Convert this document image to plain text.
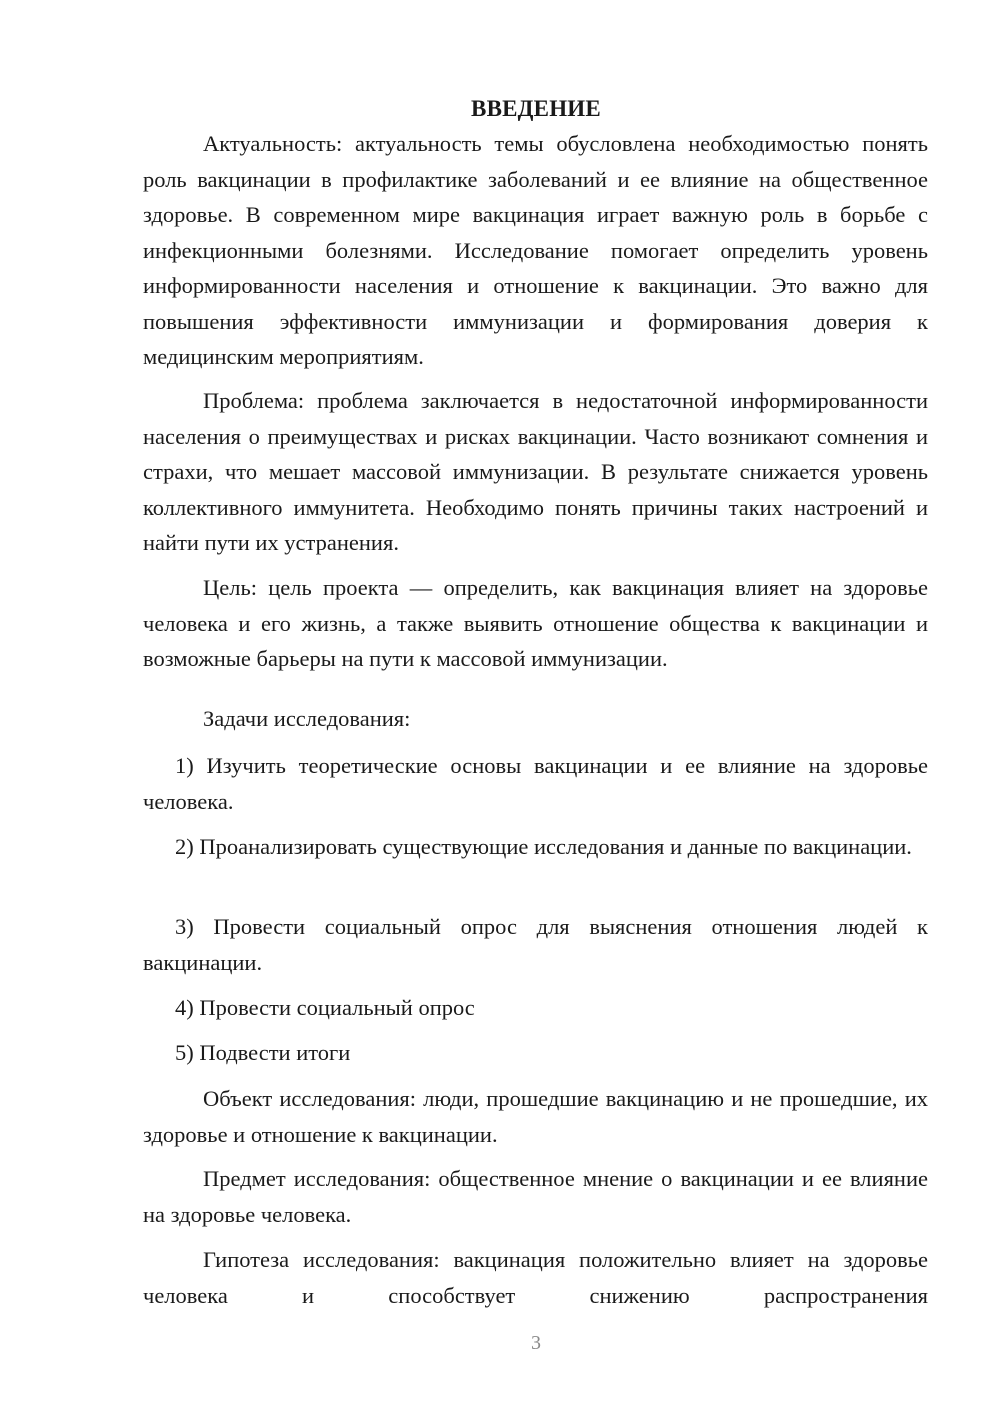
ВВЕДЕНИЕ

Актуальность: актуальность темы обусловлена необходимостью понять роль вакцинации в профилактике заболеваний и ее влияние на общественное здоровье. В современном мире вакцинация играет важную роль в борьбе с инфекционными болезнями. Исследование помогает определить уровень информированности населения и отношение к вакцинации. Это важно для повышения эффективности иммунизации и формирования доверия к медицинским мероприятиям.

Проблема: проблема заключается в недостаточной информированности населения о преимуществах и рисках вакцинации. Часто возникают сомнения и страхи, что мешает массовой иммунизации. В результате снижается уровень коллективного иммунитета. Необходимо понять причины таких настроений и найти пути их устранения.

Цель: цель проекта — определить, как вакцинация влияет на здоровье человека и его жизнь, а также выявить отношение общества к вакцинации и возможные барьеры на пути к массовой иммунизации.

Задачи исследования:

1) Изучить теоретические основы вакцинации и ее влияние на здоровье человека.

2) Проанализировать существующие исследования и данные по вакцинации.

3) Провести социальный опрос для выяснения отношения людей к вакцинации.

4) Провести социальный опрос

5) Подвести итоги

Объект исследования: люди, прошедшие вакцинацию и не прошедшие, их здоровье и отношение к вакцинации.

Предмет исследования: общественное мнение о вакцинации и ее влияние на здоровье человека.

Гипотеза исследования: вакцинация положительно влияет на здоровье человека и способствует снижению распространения

3
